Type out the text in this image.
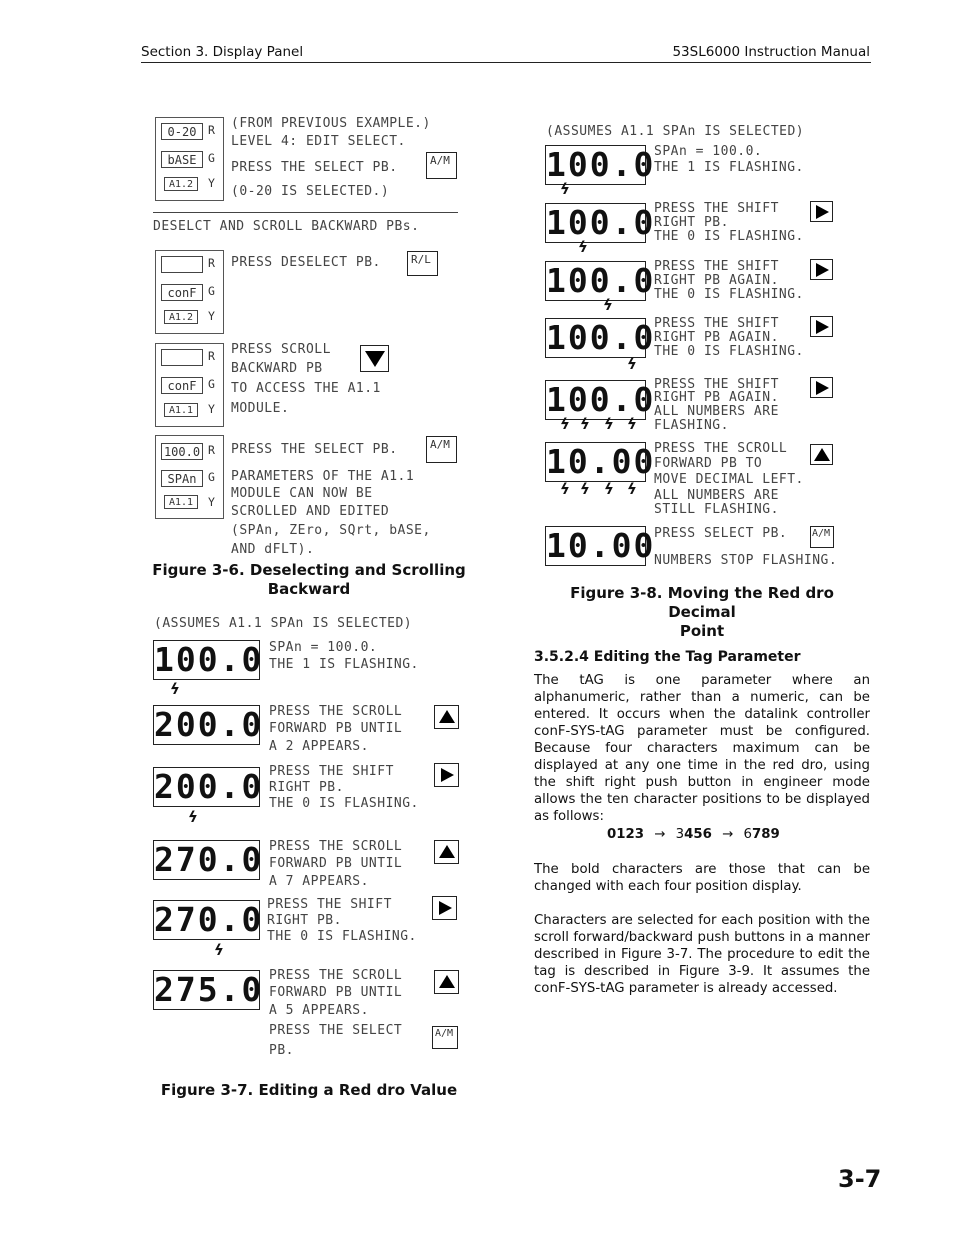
Section 3. Display Panel	53SL6000 Instruction Manual
0-20
bASE
A1.2
R
G
Y
(FROM PREVIOUS EXAMPLE.)
LEVEL 4: EDIT SELECT.
PRESS THE SELECT PB.
(0-20 IS SELECTED.)
A/M
DESELCT AND SCROLL BACKWARD PBs.
conF
A1.2
R
G
Y
PRESS DESELECT PB.	R/L
conF
A1.1
R
G
Y
PRESS SCROLL
BACKWARD PB
TO ACCESS THE A1.1
MODULE.
100.0
SPAn
A1.1
R
G
Y
PRESS THE SELECT PB.
PARAMETERS OF THE A1.1
MODULE CAN NOW BE
SCROLLED AND EDITED
(SPAn, ZEro, SQrt, bASE,
AND dFLT).
A/M
Figure 3-6. Deselecting and Scrolling
Backward
(ASSUMES A1.1 SPAn IS SELECTED)
100.0 SPAn = 100.0.
THE 1 IS FLASHING.
ϟ
200.0 PRESS THE SCROLL
FORWARD PB UNTIL
A 2 APPEARS.
200.0 PRESS THE SHIFT
RIGHT PB.
THE 0 IS FLASHING.
ϟ
270.0 PRESS THE SCROLL
FORWARD PB UNTIL
A 7 APPEARS.
270.0 PRESS THE SHIFT
RIGHT PB.
THE 0 IS FLASHING.
ϟ
275.0 PRESS THE SCROLL
FORWARD PB UNTIL
A 5 APPEARS.
PRESS THE SELECT
PB.
A/M
Figure 3-7. Editing a Red dro Value
(ASSUMES A1.1 SPAn IS SELECTED)
100.0
SPAn = 100.0.
THE 1 IS FLASHING.
ϟ
100.0
PRESS THE SHIFT
RIGHT PB.
THE 0 IS FLASHING.
ϟ
100.0
PRESS THE SHIFT
RIGHT PB AGAIN.
THE 0 IS FLASHING.
ϟ
100.0
PRESS THE SHIFT
RIGHT PB AGAIN.
THE 0 IS FLASHING.
ϟ
100.0
PRESS THE SHIFT
RIGHT PB AGAIN.
ALL NUMBERS ARE
FLASHING.
ϟ ϟ ϟ ϟ
10.00
PRESS THE SCROLL
FORWARD PB TO
MOVE DECIMAL LEFT.
ALL NUMBERS ARE
STILL FLASHING.
ϟ ϟ ϟ ϟ
10.00
PRESS SELECT PB.
NUMBERS STOP FLASHING.
A/M
Figure 3-8. Moving the Red dro Decimal
Point
3.5.2.4 Editing the Tag Parameter
The tAG is one parameter where an alphanumeric, rather than a numeric, can be entered. It occurs when the datalink controller conF-SYS-tAG parameter must be configured. Because four characters maximum can be displayed at any one time in the red dro, using the shift right push button in engineer mode allows the ten character positions to be displayed as follows:
0123 → 3456 → 6789
The bold characters are those that can be changed with each four position display.
Characters are selected for each position with the scroll forward/backward push buttons in a manner described in Figure 3-7. The procedure to edit the tag is described in Figure 3-9. It assumes the conF-SYS-tAG parameter is already accessed.
3-7
